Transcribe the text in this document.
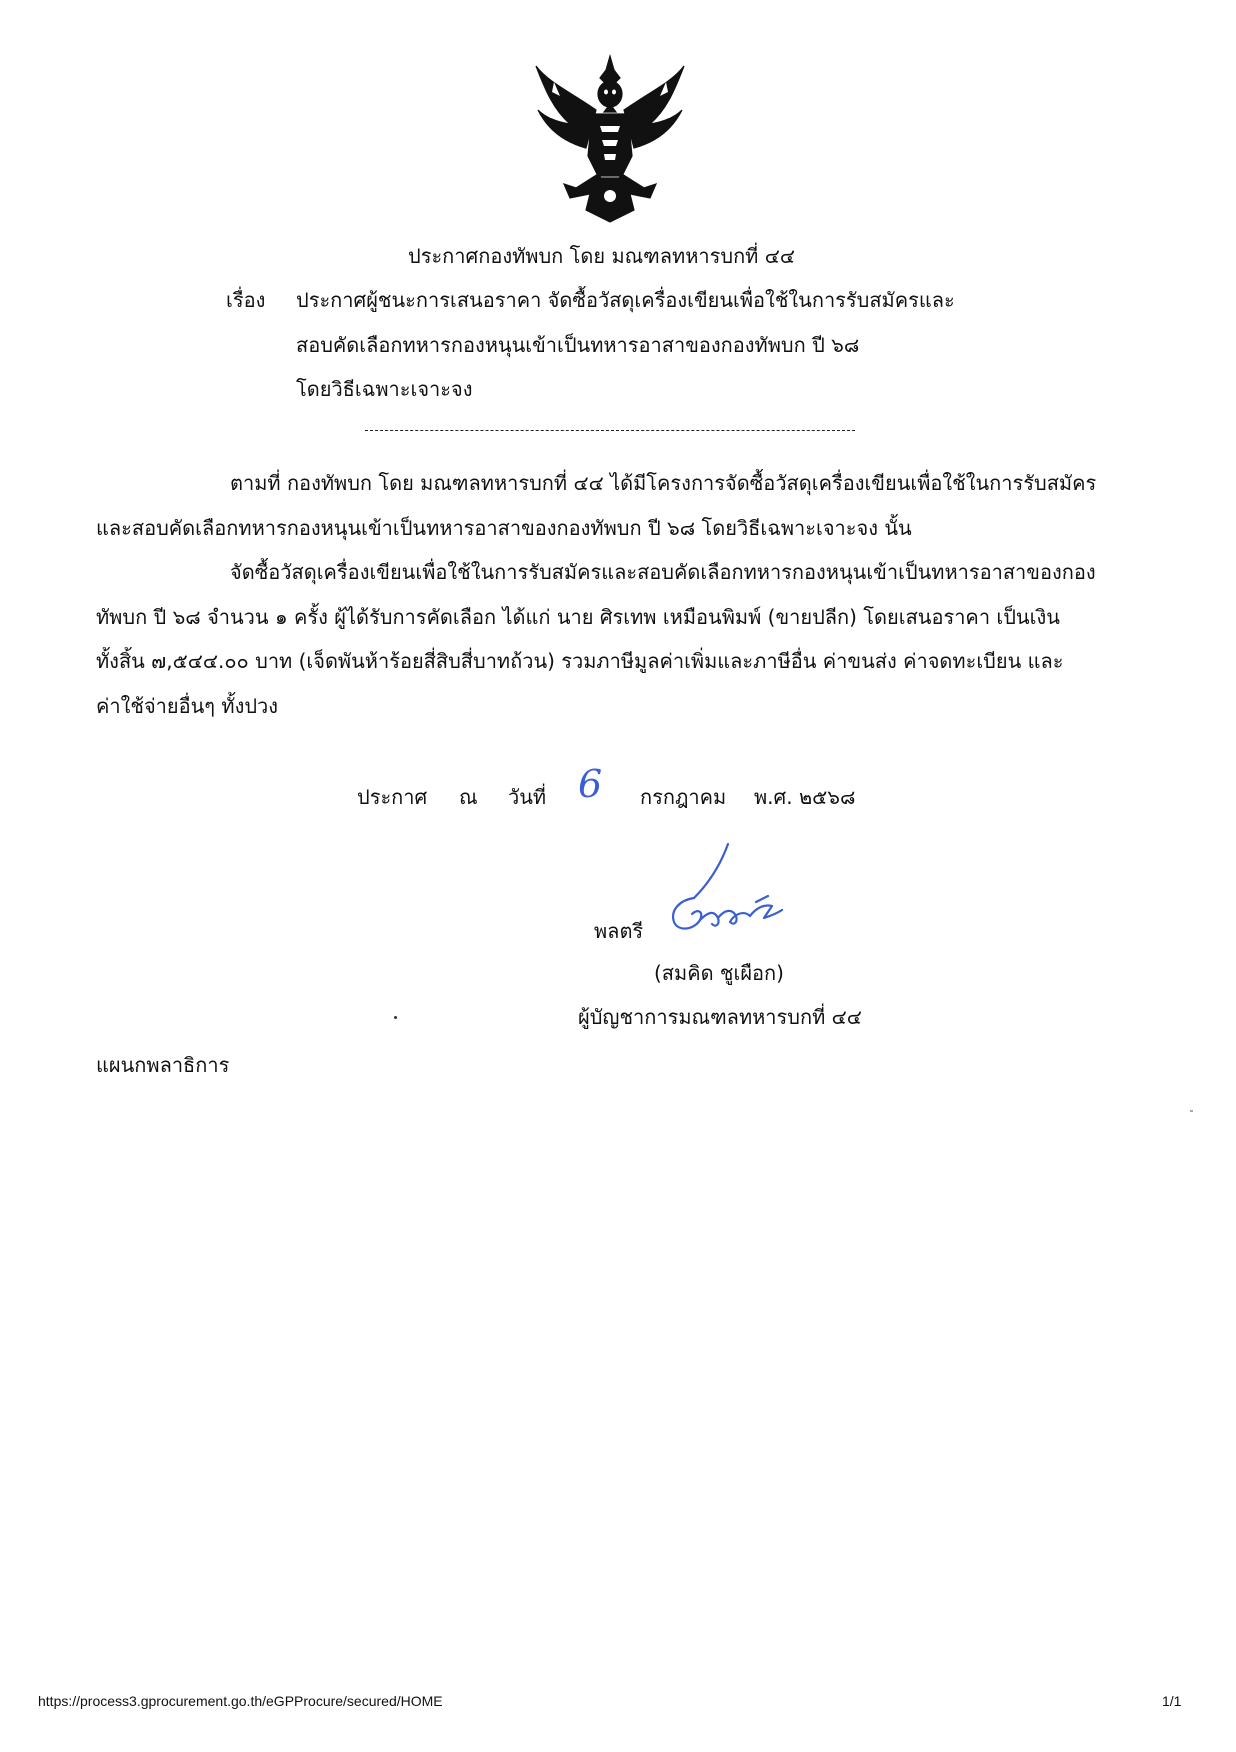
ประกาศกองทัพบก โดย มณฑลทหารบกที่ ๔๔
เรื่อง ประกาศผู้ชนะการเสนอราคา จัดซื้อวัสดุเครื่องเขียนเพื่อใช้ในการรับสมัครและ
สอบคัดเลือกทหารกองหนุนเข้าเป็นทหารอาสาของกองทัพบก ปี ๖๘
โดยวิธีเฉพาะเจาะจง
ตามที่ กองทัพบก โดย มณฑลทหารบกที่ ๔๔ ได้มีโครงการจัดซื้อวัสดุเครื่องเขียนเพื่อใช้ในการรับสมัคร
และสอบคัดเลือกทหารกองหนุนเข้าเป็นทหารอาสาของกองทัพบก ปี ๖๘ โดยวิธีเฉพาะเจาะจง นั้น
จัดซื้อวัสดุเครื่องเขียนเพื่อใช้ในการรับสมัครและสอบคัดเลือกทหารกองหนุนเข้าเป็นทหารอาสาของกอง
ทัพบก ปี ๖๘ จำนวน ๑ ครั้ง ผู้ได้รับการคัดเลือก ได้แก่ นาย ศิรเทพ เหมือนพิมพ์ (ขายปลีก) โดยเสนอราคา เป็นเงิน
ทั้งสิ้น ๗,๕๔๔.๐๐ บาท (เจ็ดพันห้าร้อยสี่สิบสี่บาทถ้วน) รวมภาษีมูลค่าเพิ่มและภาษีอื่น ค่าขนส่ง ค่าจดทะเบียน และ
ค่าใช้จ่ายอื่นๆ ทั้งปวง
ประกาศ ณ วันที่ 6 กรกฎาคม พ.ศ. ๒๕๖๘
พลตรี
(สมคิด ชูเผือก)
ผู้บัญชาการมณฑลทหารบกที่ ๔๔
แผนกพลาธิการ
https://process3.gprocurement.go.th/eGPProcure/secured/HOME	1/1
